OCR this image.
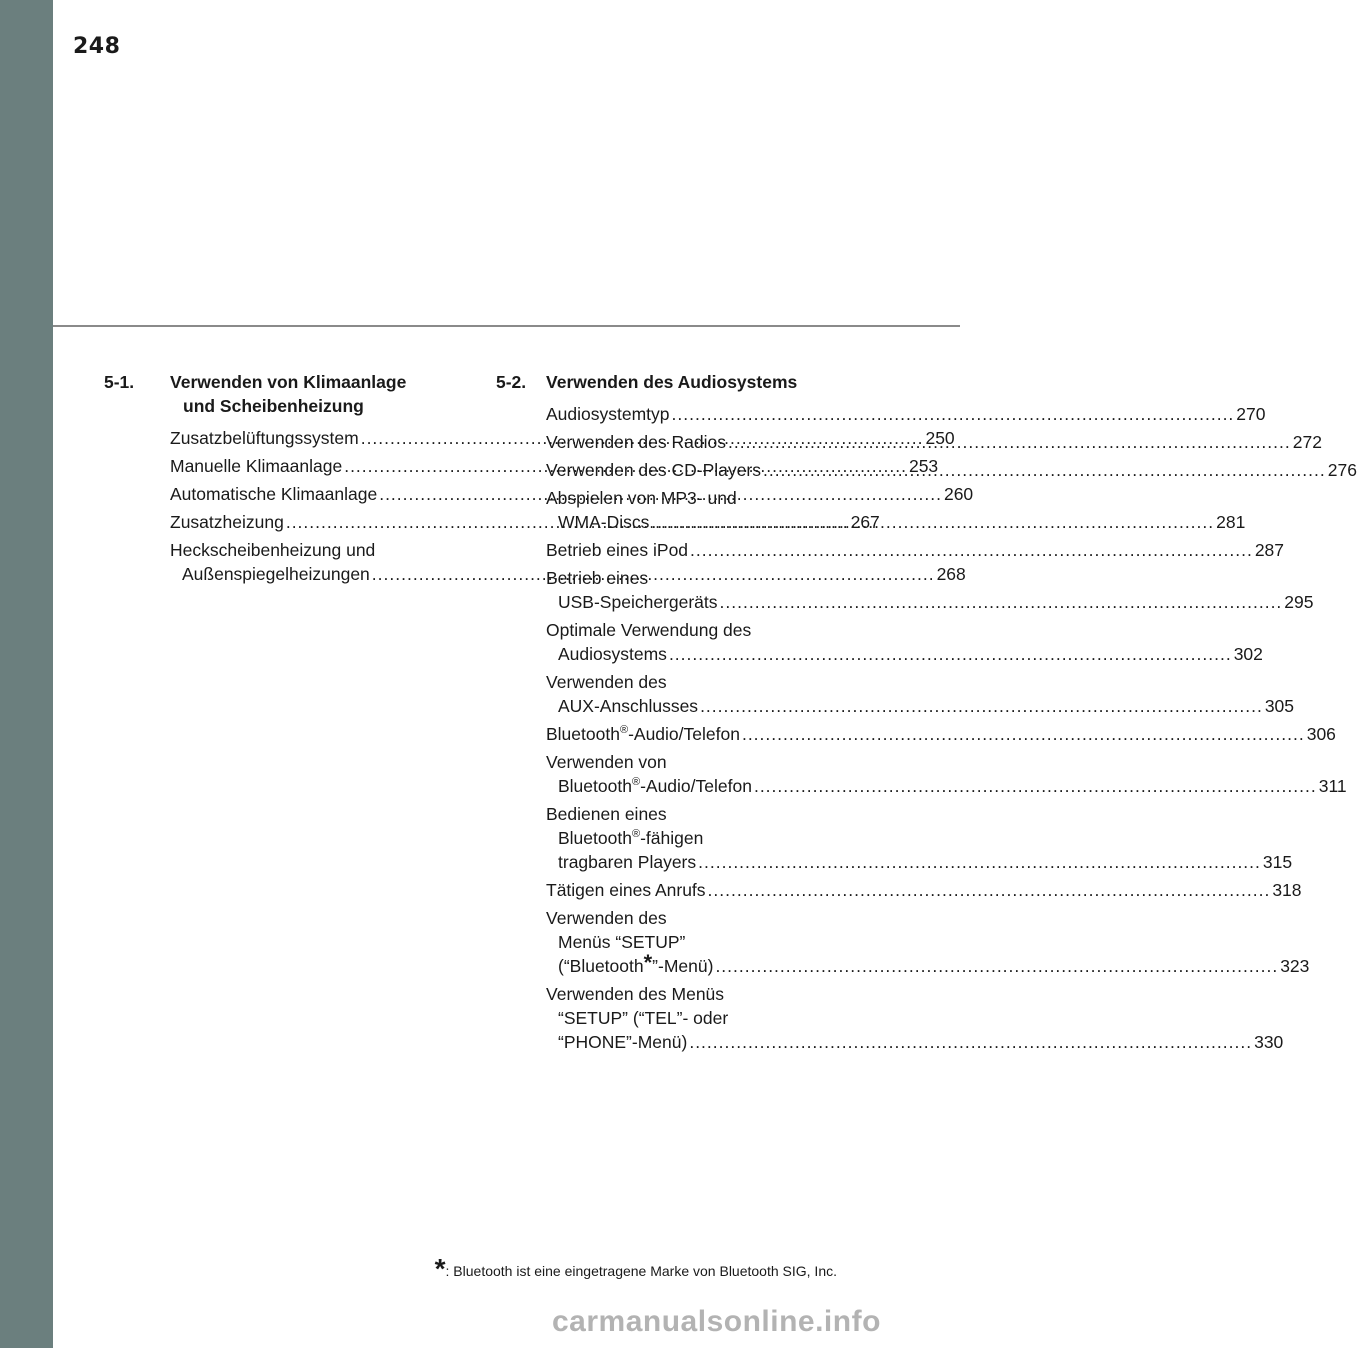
248
5-1.	Verwenden von Klimaanlage
und Scheibenheizung
Zusatzbelüftungssystem .....	250
Manuelle Klimaanlage .....	253
Automatische Klimaanlage .....	260
Zusatzheizung .....	267
Heckscheibenheizung und
Außenspiegelheizungen .....	268
5-2.	Verwenden des Audiosystems
Audiosystemtyp .....	270
Verwenden des Radios .....	272
Verwenden des CD-Players .....	276
Abspielen von MP3- und
WMA-Discs .....	281
Betrieb eines iPod .....	287
Betrieb eines
USB-Speichergeräts .....	295
Optimale Verwendung des
Audiosystems .....	302
Verwenden des
AUX-Anschlusses .....	305
Bluetooth®-Audio/Telefon .....	306
Verwenden von
Bluetooth®-Audio/Telefon .....	311
Bedienen eines
Bluetooth®-fähigen
tragbaren Players .....	315
Tätigen eines Anrufs .....	318
Verwenden des
Menüs “SETUP”
(“Bluetooth*”-Menü) .....	323
Verwenden des Menüs
“SETUP” (“TEL”- oder
“PHONE”-Menü) .....	330
*: Bluetooth ist eine eingetragene Marke von Bluetooth SIG, Inc.
carmanualsonline.info
